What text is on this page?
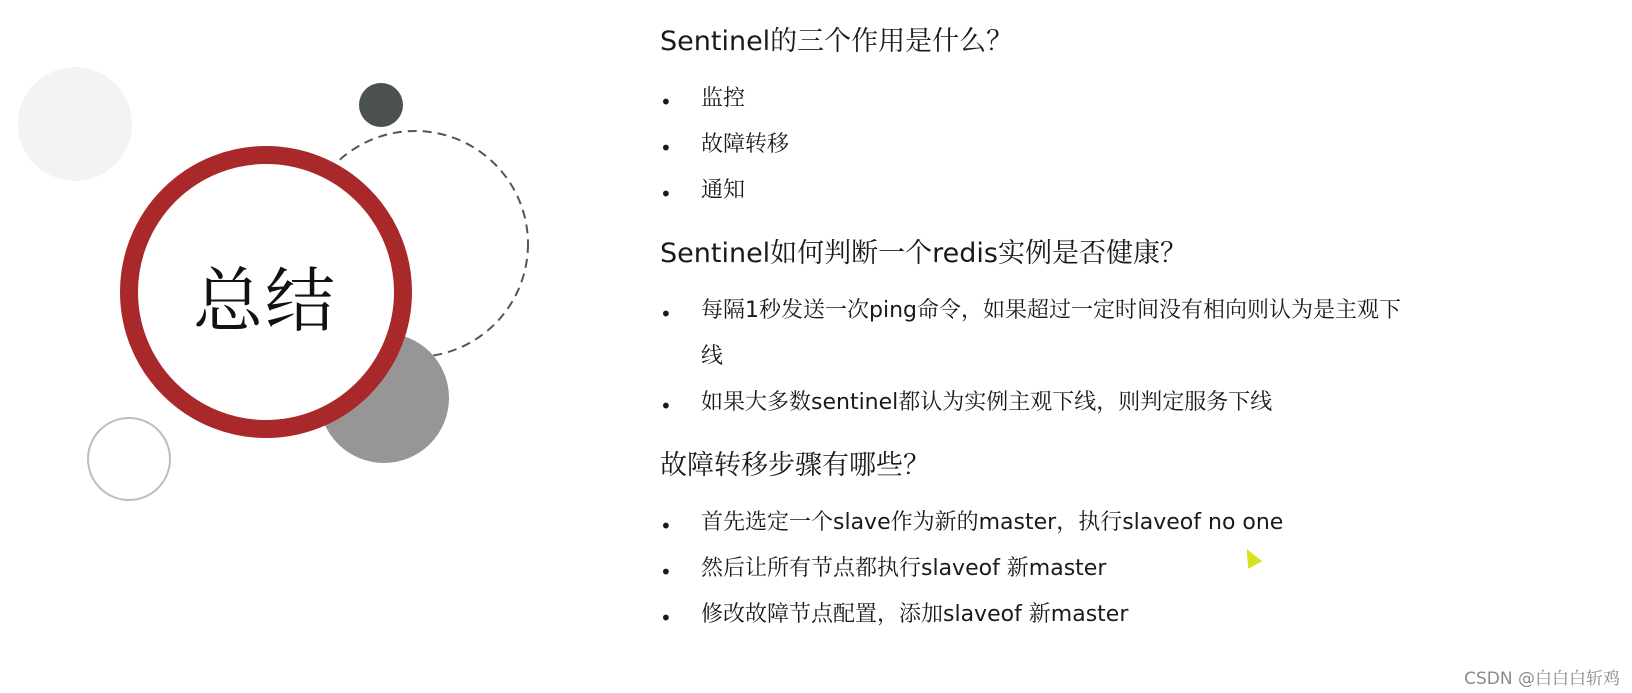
总结

Sentinel的三个作用是什么？

• 监控
• 故障转移
• 通知

Sentinel如何判断一个redis实例是否健康？

• 每隔1秒发送一次ping命令，如果超过一定时间没有相向则认为是主观下线
• 如果大多数sentinel都认为实例主观下线，则判定服务下线

故障转移步骤有哪些？

• 首先选定一个slave作为新的master，执行slaveof no one
• 然后让所有节点都执行slaveof 新master
• 修改故障节点配置，添加slaveof 新master
CSDN @白白白斩鸡
